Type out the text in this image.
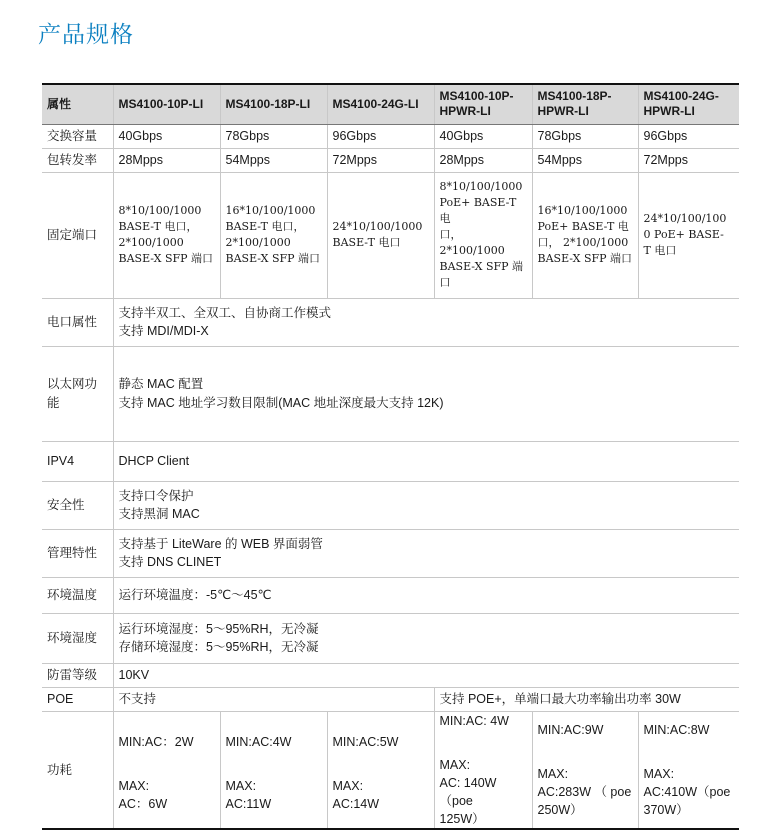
产品规格
属性	MS4100-10P-LI	MS4100-18P-LI	MS4100-24G-LI	MS4100-10P-HPWR-LI	MS4100-18P-HPWR-LI	MS4100-24G-HPWR-LI
交换容量	40Gbps	78Gbps	96Gbps	40Gbps	78Gbps	96Gbps
包转发率	28Mpps	54Mpps	72Mpps	28Mpps	54Mpps	72Mpps
固定端口	8*10/100/1000
BASE-T 电口，
2*100/1000
BASE-X SFP 端口	16*10/100/1000
BASE-T 电口，
2*100/1000
BASE-X SFP 端口	24*10/100/1000
BASE-T 电口	8*10/100/1000
PoE+ BASE-T 电
口，2*100/1000
BASE-X SFP 端
口	16*10/100/1000
PoE+ BASE-T 电
口， 2*100/1000
BASE-X SFP 端口	24*10/100/100
0 PoE+ BASE-
T 电口

电口属性	支持半双工、全双工、自协商工作模式
支持 MDI/MDI-X					

以太网功能	静态 MAC 配置
支持 MAC 地址学习数目限制(MAC 地址深度最大支持 12K)					

IPV4	DHCP Client					

安全性	支持口令保护
支持黑洞 MAC					

管理特性	支持基于 LiteWare 的 WEB 界面弱管
支持 DNS CLINET					

环境温度	运行环境温度：-5℃～45℃					

环境湿度	运行环境湿度：5～95%RH，无冷凝
存储环境湿度：5～95%RH，无冷凝					

防雷等级	10KV					

POE	不支持			支持 POE+，单端口最大功率输出功率 30W		
功耗	MIN:AC：2W
MAX:
AC：6W	MIN:AC:4W
MAX:
AC:11W	MIN:AC:5W
MAX:
AC:14W	MIN:AC: 4W
MAX:
AC: 140W（poe
125W）	MIN:AC:9W
MAX:
AC:283W （ poe
250W）	MIN:AC:8W
MAX:
AC:410W（poe
370W）
